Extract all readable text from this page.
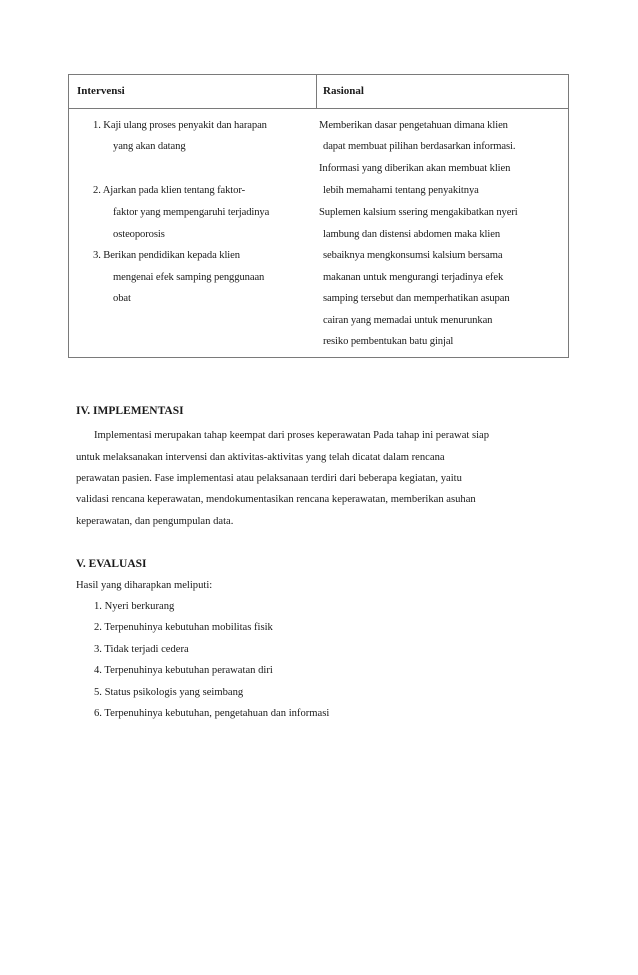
Intervensi	Rasional
1. Kaji ulang proses penyakit dan harapan
yang akan datang
2. Ajarkan pada klien tentang faktor-
faktor yang mempengaruhi terjadinya
osteoporosis
3. Berikan pendidikan kepada klien
mengenai efek samping penggunaan
obat
Memberikan dasar pengetahuan dimana klien
dapat membuat pilihan berdasarkan informasi.
Informasi yang diberikan akan membuat klien
lebih memahami tentang penyakitnya
Suplemen kalsium ssering mengakibatkan nyeri
lambung dan distensi abdomen maka klien
sebaiknya mengkonsumsi kalsium bersama
makanan untuk mengurangi terjadinya efek
samping tersebut dan memperhatikan asupan
cairan yang memadai untuk menurunkan
resiko pembentukan batu ginjal
IV. IMPLEMENTASI
Implementasi merupakan tahap keempat dari proses keperawatan Pada tahap ini perawat siap
untuk melaksanakan intervensi dan aktivitas-aktivitas yang telah dicatat dalam rencana
perawatan pasien. Fase implementasi atau pelaksanaan terdiri dari beberapa kegiatan, yaitu
validasi rencana keperawatan, mendokumentasikan rencana keperawatan, memberikan asuhan
keperawatan, dan pengumpulan data.
V. EVALUASI
Hasil yang diharapkan meliputi:
1. Nyeri berkurang
2. Terpenuhinya kebutuhan mobilitas fisik
3. Tidak terjadi cedera
4. Terpenuhinya kebutuhan perawatan diri
5. Status psikologis yang seimbang
6. Terpenuhinya kebutuhan, pengetahuan dan informasi
